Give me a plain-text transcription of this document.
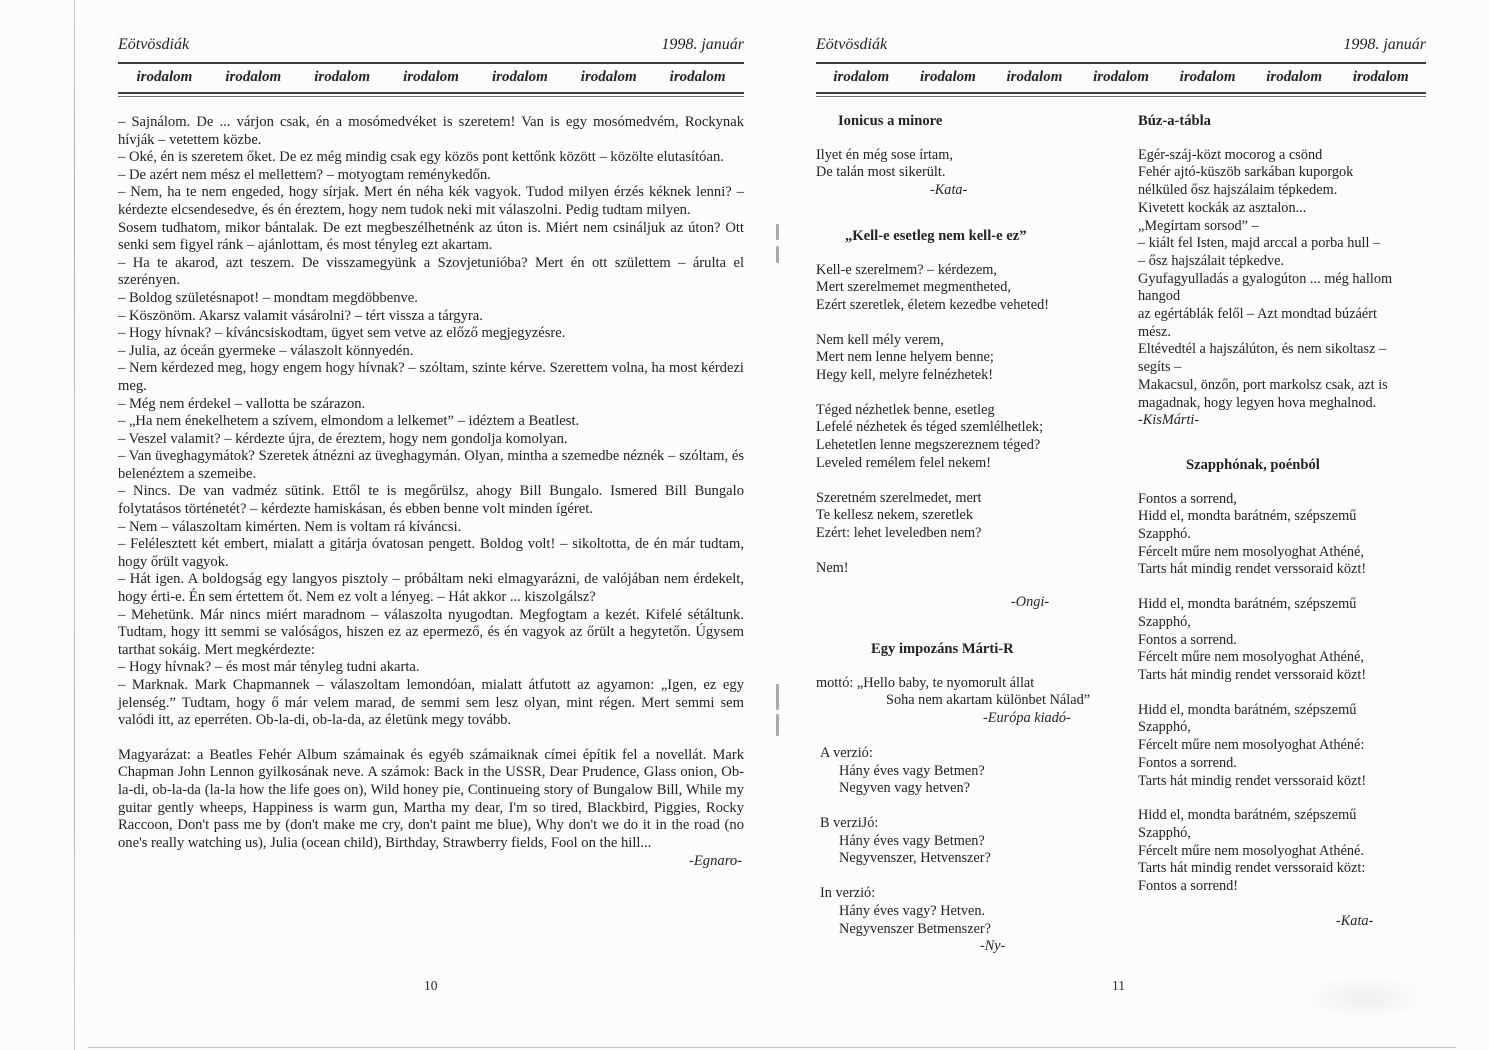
Eötvösdiák	1998. január
irodalom	irodalom	irodalom	irodalom	irodalom	irodalom	irodalom

– Sajnálom. De ... várjon csak, én a mosómedvéket is szeretem! Van is egy mosómedvém, Rockynak hívják – vetettem közbe.

– Oké, én is szeretem őket. De ez még mindig csak egy közös pont kettőnk között – közölte elutasítóan.

– De azért nem mész el mellettem? – motyogtam reménykedőn.

– Nem, ha te nem engeded, hogy sírjak. Mert én néha kék vagyok. Tudod milyen érzés kéknek lenni? – kérdezte elcsendesedve, és én éreztem, hogy nem tudok neki mit válaszolni. Pedig tudtam milyen.

Sosem tudhatom, mikor bántalak. De ezt megbeszélhetnénk az úton is. Miért nem csináljuk az úton? Ott senki sem figyel ránk – ajánlottam, és most tényleg ezt akartam.

– Ha te akarod, azt teszem. De visszamegyünk a Szovjetunióba? Mert én ott születtem – árulta el szerényen.

– Boldog születésnapot! – mondtam megdöbbenve.

– Köszönöm. Akarsz valamit vásárolni? – tért vissza a tárgyra.

– Hogy hívnak? – kíváncsiskodtam, ügyet sem vetve az előző megjegyzésre.

– Julia, az óceán gyermeke – válaszolt könnyedén.

– Nem kérdezed meg, hogy engem hogy hívnak? – szóltam, szinte kérve. Szerettem volna, ha most kérdezi meg.

– Még nem érdekel – vallotta be szárazon.

– „Ha nem énekelhetem a szívem, elmondom a lelkemet” – idéztem a Beatlest.

– Veszel valamit? – kérdezte újra, de éreztem, hogy nem gondolja komolyan.

– Van üveghagymátok? Szeretek átnézni az üveghagymán. Olyan, mintha a szemedbe néznék – szóltam, és belenéztem a szemeibe.

– Nincs. De van vadméz sütink. Ettől te is megőrülsz, ahogy Bill Bungalo. Ismered Bill Bungalo folytatásos történetét? – kérdezte hamiskásan, és ebben benne volt minden ígéret.

– Nem – válaszoltam kimérten. Nem is voltam rá kíváncsi.

– Felélesztett két embert, mialatt a gitárja óvatosan pengett. Boldog volt! – sikoltotta, de én már tudtam, hogy őrült vagyok.

– Hát igen. A boldogság egy langyos pisztoly – próbáltam neki elmagyarázni, de valójában nem érdekelt, hogy érti-e. Én sem értettem őt. Nem ez volt a lényeg. – Hát akkor ... kiszolgálsz?

– Mehetünk. Már nincs miért maradnom – válaszolta nyugodtan. Megfogtam a kezét. Kifelé sétáltunk. Tudtam, hogy itt semmi se valóságos, hiszen ez az epermező, és én vagyok az őrült a hegytetőn. Úgysem tarthat sokáig. Mert megkérdezte:

– Hogy hívnak? – és most már tényleg tudni akarta.

– Marknak. Mark Chapmannek – válaszoltam lemondóan, mialatt átfutott az agyamon: „Igen, ez egy jelenség.” Tudtam, hogy ő már velem marad, de semmi sem lesz olyan, mint régen. Mert semmi sem valódi itt, az eperréten. Ob-la-di, ob-la-da, az életünk megy tovább.

Magyarázat: a Beatles Fehér Album számainak és egyéb számaiknak címei építik fel a novellát. Mark Chapman John Lennon gyilkosának neve. A számok: Back in the USSR, Dear Prudence, Glass onion, Ob-la-di, ob-la-da (la-la how the life goes on), Wild honey pie, Continueing story of Bungalow Bill, While my guitar gently wheeps, Happiness is warm gun, Martha my dear, I'm so tired, Blackbird, Piggies, Rocky Raccoon, Don't pass me by (don't make me cry, don't paint me blue), Why don't we do it in the road (no one's really watching us), Julia (ocean child), Birthday, Strawberry fields, Fool on the hill...

-Egnaro-
Eötvösdiák	1998. január
irodalom	irodalom	irodalom	irodalom	irodalom	irodalom	irodalom
Ionicus a minore
Ilyet én még sose írtam,
De talán most sikerült.
-Kata-
„Kell-e esetleg nem kell-e ez”
Kell-e szerelmem? – kérdezem,
Mert szerelmemet megmentheted,
Ezért szeretlek, életem kezedbe veheted!
Nem kell mély verem,
Mert nem lenne helyem benne;
Hegy kell, melyre felnézhetek!
Téged nézhetlek benne, esetleg
Lefelé nézhetek és téged szemlélhetlek;
Lehetetlen lenne megszereznem téged?
Leveled remélem felel nekem!
Szeretném szerelmedet, mert
Te kellesz nekem, szeretlek
Ezért: lehet leveledben nem?
Nem!
-Ongi-
Egy impozáns Márti-R
mottó: „Hello baby, te nyomorult állat
Soha nem akartam különbet Nálad”
-Európa kiadó-
A verzió:
Hány éves vagy Betmen?
Negyven vagy hetven?
B verziJó:
Hány éves vagy Betmen?
Negyvenszer, Hetvenszer?
In verzió:
Hány éves vagy? Hetven.
Negyvenszer Betmenszer?
-Ny-
Búz-a-tábla
Egér-száj-közt mocorog a csönd
Fehér ajtó-küszöb sarkában kuporgok
nélküled ősz hajszálaim tépkedem.
Kivetett kockák az asztalon...
„Megírtam sorsod” –
– kiált fel Isten, majd arccal a porba hull –
– ősz hajszálait tépkedve.
Gyufagyulladás a gyalogúton ... még hallom
hangod
az egértáblák felől – Azt mondtad búzáért
mész.
Eltévedtél a hajszálúton, és nem sikoltasz –
segíts –
Makacsul, önzőn, port markolsz csak, azt is
magadnak, hogy legyen hova meghalnod.
-KisMárti-
Szapphónak, poénból
Fontos a sorrend,
Hidd el, mondta barátném, szépszemű
Szapphó.
Fércelt műre nem mosolyoghat Athéné,
Tarts hát mindig rendet verssoraid közt!
Hidd el, mondta barátném, szépszemű
Szapphó,
Fontos a sorrend.
Fércelt műre nem mosolyoghat Athéné,
Tarts hát mindig rendet verssoraid közt!
Hidd el, mondta barátném, szépszemű
Szapphó,
Fércelt műre nem mosolyoghat Athéné:
Fontos a sorrend.
Tarts hát mindig rendet verssoraid közt!
Hidd el, mondta barátném, szépszemű
Szapphó,
Fércelt műre nem mosolyoghat Athéné.
Tarts hát mindig rendet verssoraid közt:
Fontos a sorrend!
-Kata-
10	11
